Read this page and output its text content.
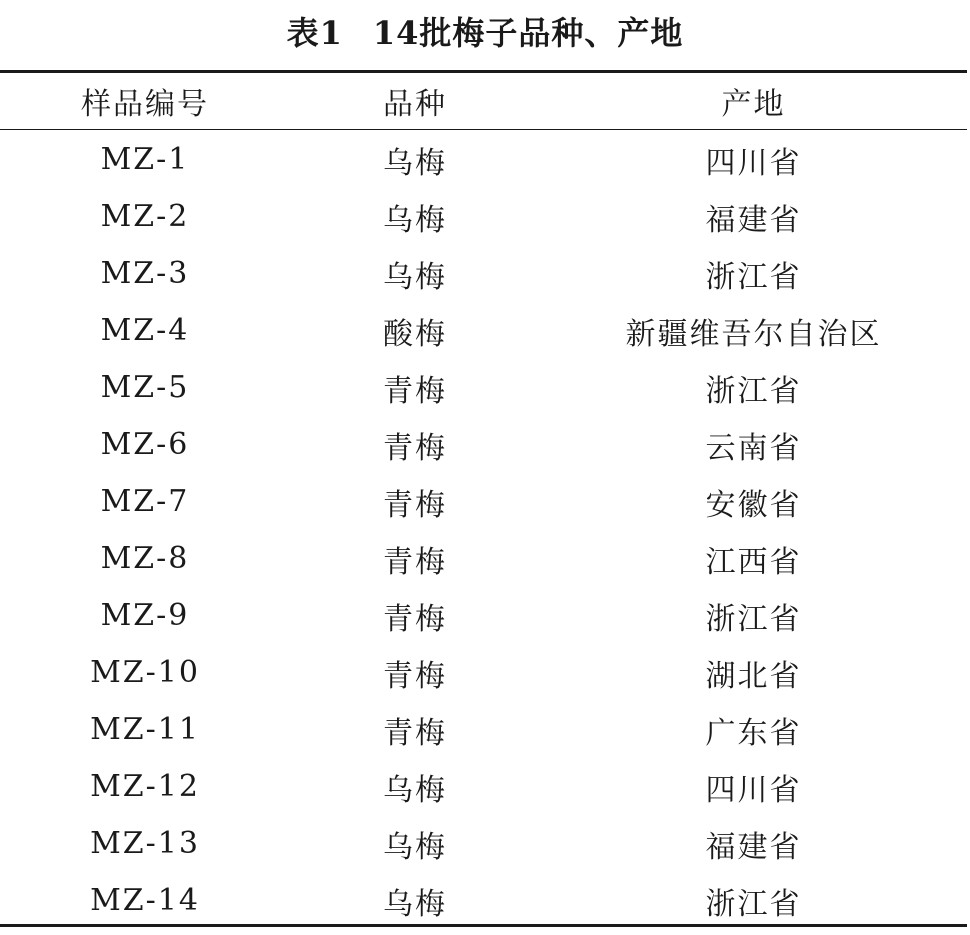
表1 14批梅子品种、产地
样品编号	品种	产地
MZ-1	乌梅	四川省
MZ-2	乌梅	福建省
MZ-3	乌梅	浙江省
MZ-4	酸梅	新疆维吾尔自治区
MZ-5	青梅	浙江省
MZ-6	青梅	云南省
MZ-7	青梅	安徽省
MZ-8	青梅	江西省
MZ-9	青梅	浙江省
MZ-10	青梅	湖北省
MZ-11	青梅	广东省
MZ-12	乌梅	四川省
MZ-13	乌梅	福建省
MZ-14	乌梅	浙江省
